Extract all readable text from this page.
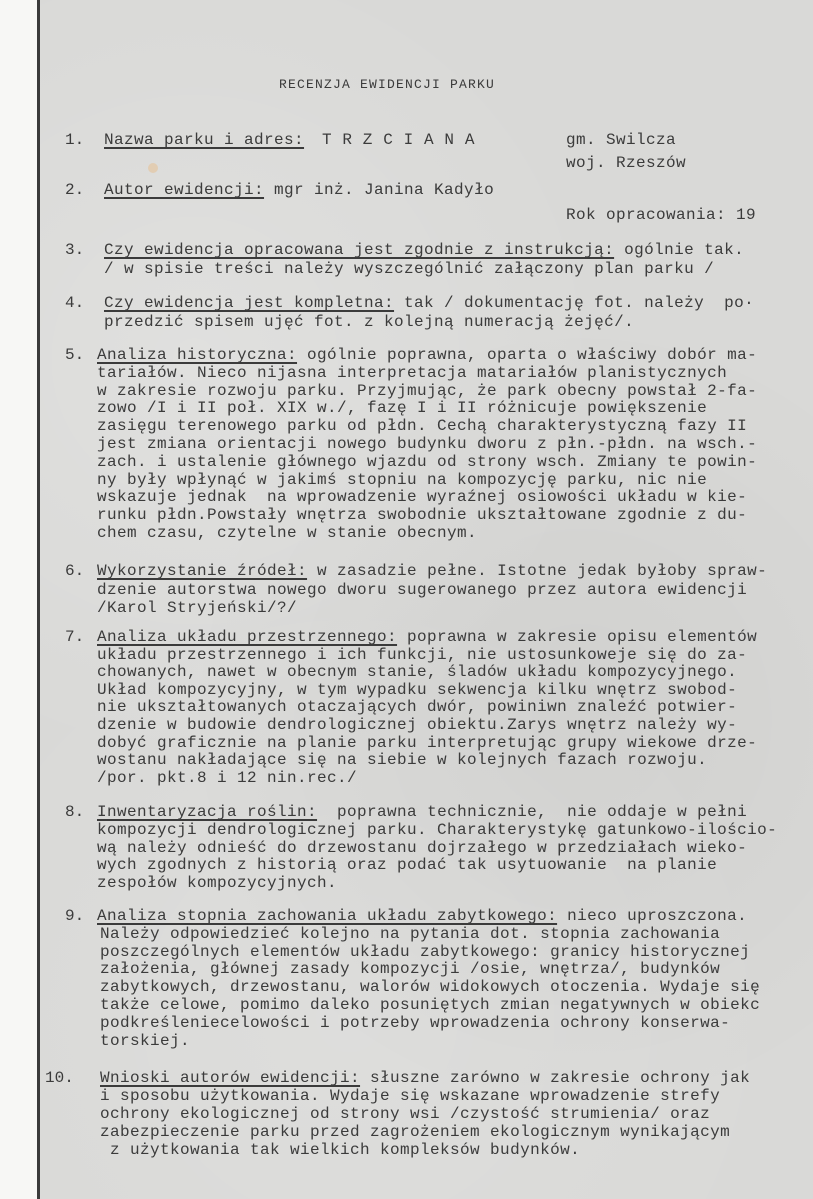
RECENZJA EWIDENCJI PARKU
T R Z C I A N A	gm. Swilcza
woj. Rzeszów
Rok opracowania: 19
1. Nazwa parku i adres:
2. Autor ewidencji: mgr inż. Janina Kadyło
3. Czy ewidencja opracowana jest zgodnie z instrukcją: ogólnie tak.
/ w spisie treści należy wyszczególnić załączony plan parku /
4. Czy ewidencja jest kompletna: tak / dokumentację fot. należy  po·
przedzić spisem ujęć fot. z kolejną numeracją żejęć/.
5. Analiza historyczna: ogólnie poprawna, oparta o właściwy dobór ma-
tariałów. Nieco nijasna interpretacja matariałów planistycznych
w zakresie rozwoju parku. Przyjmując, że park obecny powstał 2-fa-
zowo /I i II poł. XIX w./, fazę I i II różnicuje powiększenie
zasięgu terenowego parku od płdn. Cechą charakterystyczną fazy II
jest zmiana orientacji nowego budynku dworu z płn.-płdn. na wsch.-
zach. i ustalenie głównego wjazdu od strony wsch. Zmiany te powin-
ny były wpłynąć w jakimś stopniu na kompozycję parku, nic nie
wskazuje jednak  na wprowadzenie wyraźnej osiowości układu w kie-
runku płdn.Powstały wnętrza swobodnie ukształtowane zgodnie z du-
chem czasu, czytelne w stanie obecnym.
6. Wykorzystanie źródeł: w zasadzie pełne. Istotne jedak byłoby spraw-
dzenie autorstwa nowego dworu sugerowanego przez autora ewidencji
/Karol Stryjeński/?/
7. Analiza układu przestrzennego: poprawna w zakresie opisu elementów
układu przestrzennego i ich funkcji, nie ustosunkoweje się do za-
chowanych, nawet w obecnym stanie, śladów układu kompozycyjnego.
Układ kompozycyjny, w tym wypadku sekwencja kilku wnętrz swobod-
nie ukształtowanych otaczających dwór, powiniwn znaleźć potwier-
dzenie w budowie dendrologicznej obiektu.Zarys wnętrz należy wy-
dobyć graficznie na planie parku interpretując grupy wiekowe drze-
wostanu nakładające się na siebie w kolejnych fazach rozwoju.
/por. pkt.8 i 12 nin.rec./
8. Inwentaryzacja roślin:  poprawna technicznie,  nie oddaje w pełni
kompozycji dendrologicznej parku. Charakterystykę gatunkowo-ilościo-
wą należy odnieść do drzewostanu dojrzałego w przedziałach wieko-
wych zgodnych z historią oraz podać tak usytuowanie  na planie
zespołów kompozycyjnych.
9. Analiza stopnia zachowania układu zabytkowego: nieco uproszczona.
Należy odpowiedzieć kolejno na pytania dot. stopnia zachowania
poszczególnych elementów układu zabytkowego: granicy historycznej
założenia, głównej zasady kompozycji /osie, wnętrza/, budynków
zabytkowych, drzewostanu, walorów widokowych otoczenia. Wydaje się
także celowe, pomimo daleko posuniętych zmian negatywnych w obiekc
podkreśleniecelowości i potrzeby wprowadzenia ochrony konserwa-
torskiej.
10. Wnioski autorów ewidencji: słuszne zarówno w zakresie ochrony jak
i sposobu użytkowania. Wydaje się wskazane wprowadzenie strefy
ochrony ekologicznej od strony wsi /czystość strumienia/ oraz
zabezpieczenie parku przed zagrożeniem ekologicznym wynikającym
z użytkowania tak wielkich kompleksów budynków.
